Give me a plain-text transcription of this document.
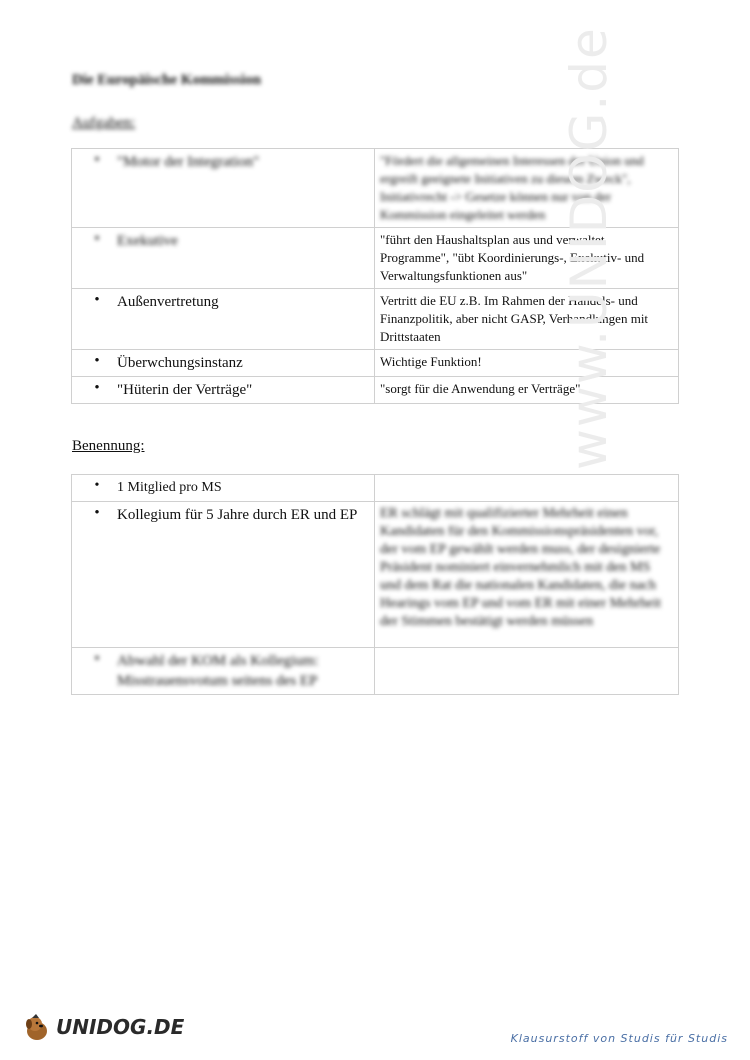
Die Europäische Kommission
Aufgaben:
• "Motor der Integration"	"Fördert die allgemeinen Interessen der Union und ergreift geeignete Initiativen zu diesem Zweck", Initiativrecht -> Gesetze können nur von der Kommission eingeleitet werden
• Exekutive	"führt den Haushaltsplan aus und verwaltet Programme", "übt Koordinierungs-, Exekutiv- und Verwaltungsfunktionen aus"
• Außenvertretung	Vertritt die EU z.B. Im Rahmen der Handels- und Finanzpolitik, aber nicht GASP, Verhandlungen mit Drittstaaten
• Überwchungsinstanz	Wichtige Funktion!
• "Hüterin der Verträge"	"sorgt für die Anwendung er Verträge"
Benennung:
• 1 Mitglied pro MS	
• Kollegium für 5 Jahre durch ER und EP	ER schlägt mit qualifizierter Mehrheit einen Kandidaten für den Kommissionspräsidenten vor, der vom EP gewählt werden muss, der designierte Präsident nominiert einvernehmlich mit den MS und dem Rat die nationalen Kandidaten, die nach Hearings vom EP und vom ER mit einer Mehrheit der Stimmen bestätigt werden müssen
• Abwahl der KOM als Kollegium: Misstrauensvotum seitens des EP	
www.UNIDOG.de
UNIDOG.DE	Klausurstoff von Studis für Studis
